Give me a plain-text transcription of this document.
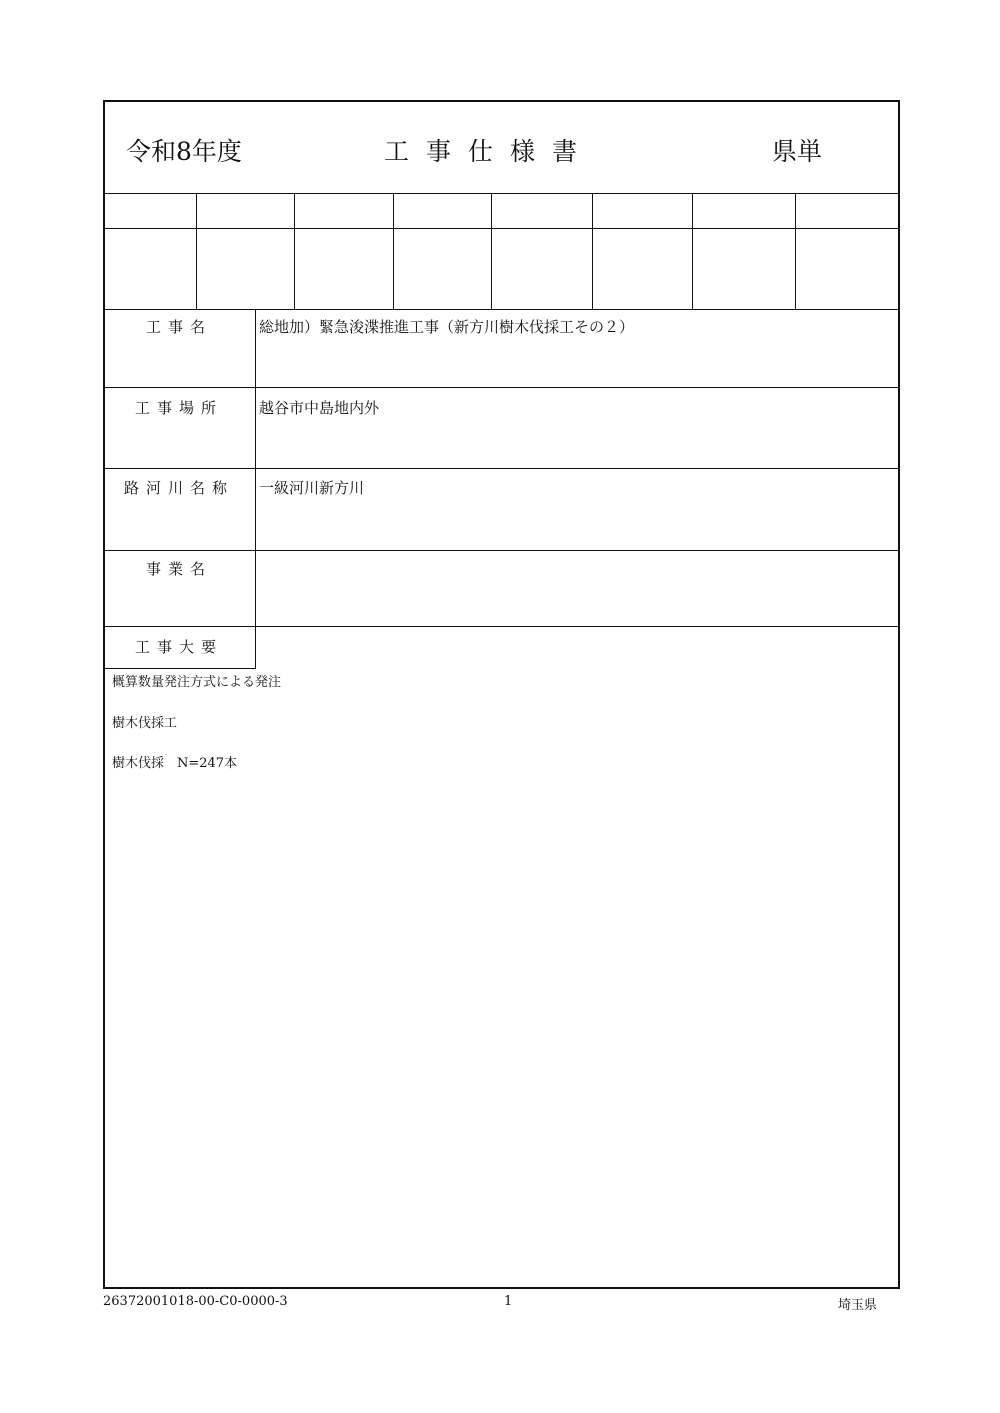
令和8年度	工事仕様書	県単
工事名	総地加）緊急浚渫推進工事（新方川樹木伐採工その２）
工事場所	越谷市中島地内外
路河川名称	一級河川新方川
事業名
工事大要
概算数量発注方式による発注
樹木伐採工
樹木伐採　N=247本
26372001018-00-C0-0000-3	1	埼玉県
